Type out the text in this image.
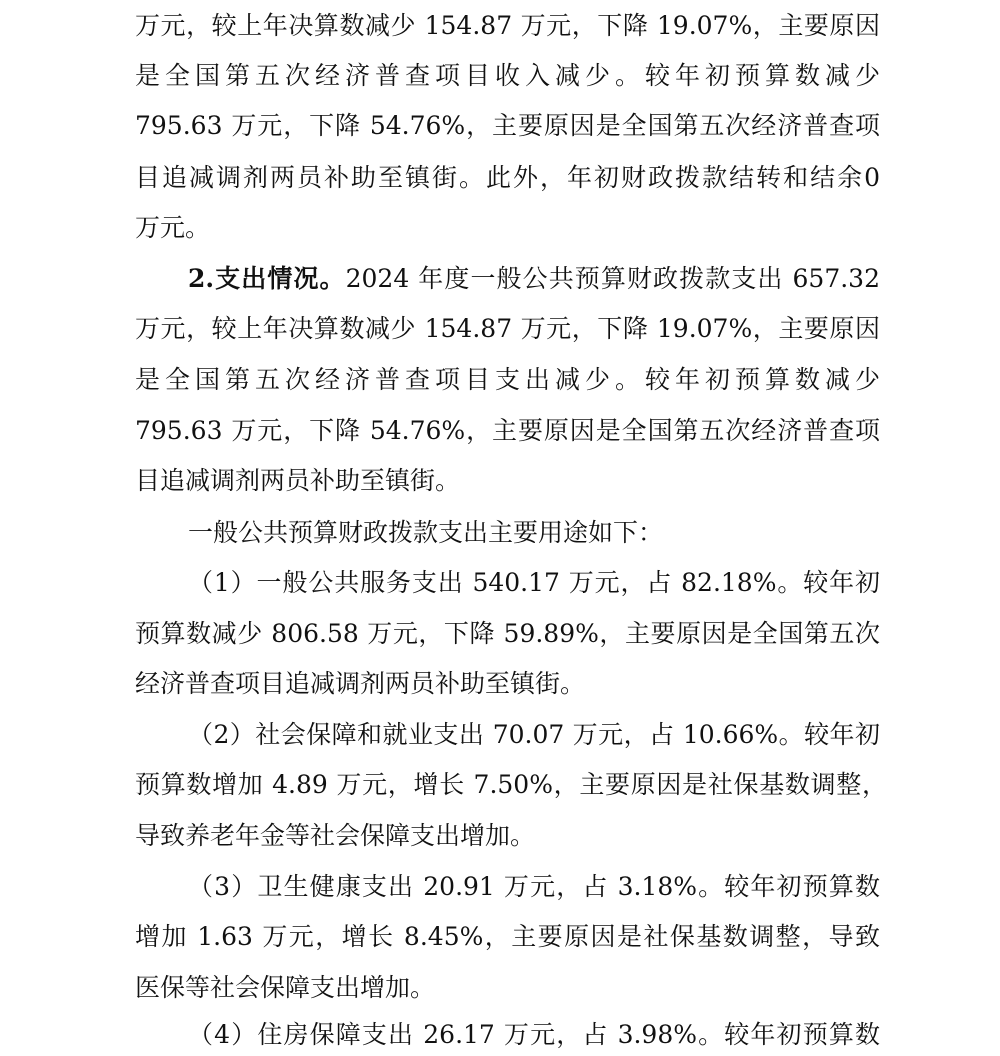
万元，较上年决算数减少 154.87 万元，下降 19.07%，主要原因
是全国第五次经济普查项目收入减少。较年初预算数减少
795.63 万元，下降 54.76%，主要原因是全国第五次经济普查项
目追减调剂两员补助至镇街。此外，年初财政拨款结转和结余0
万元。
2.支出情况。2024 年度一般公共预算财政拨款支出 657.32
万元，较上年决算数减少 154.87 万元，下降 19.07%，主要原因
是全国第五次经济普查项目支出减少。较年初预算数减少
795.63 万元，下降 54.76%，主要原因是全国第五次经济普查项
目追减调剂两员补助至镇街。
一般公共预算财政拨款支出主要用途如下：
（1）一般公共服务支出 540.17 万元，占 82.18%。较年初
预算数减少 806.58 万元，下降 59.89%，主要原因是全国第五次
经济普查项目追减调剂两员补助至镇街。
（2）社会保障和就业支出 70.07 万元，占 10.66%。较年初
预算数增加 4.89 万元，增长 7.50%，主要原因是社保基数调整，
导致养老年金等社会保障支出增加。
（3）卫生健康支出 20.91 万元，占 3.18%。较年初预算数
增加 1.63 万元，增长 8.45%，主要原因是社保基数调整，导致
医保等社会保障支出增加。
（4）住房保障支出 26.17 万元，占 3.98%。较年初预算数
